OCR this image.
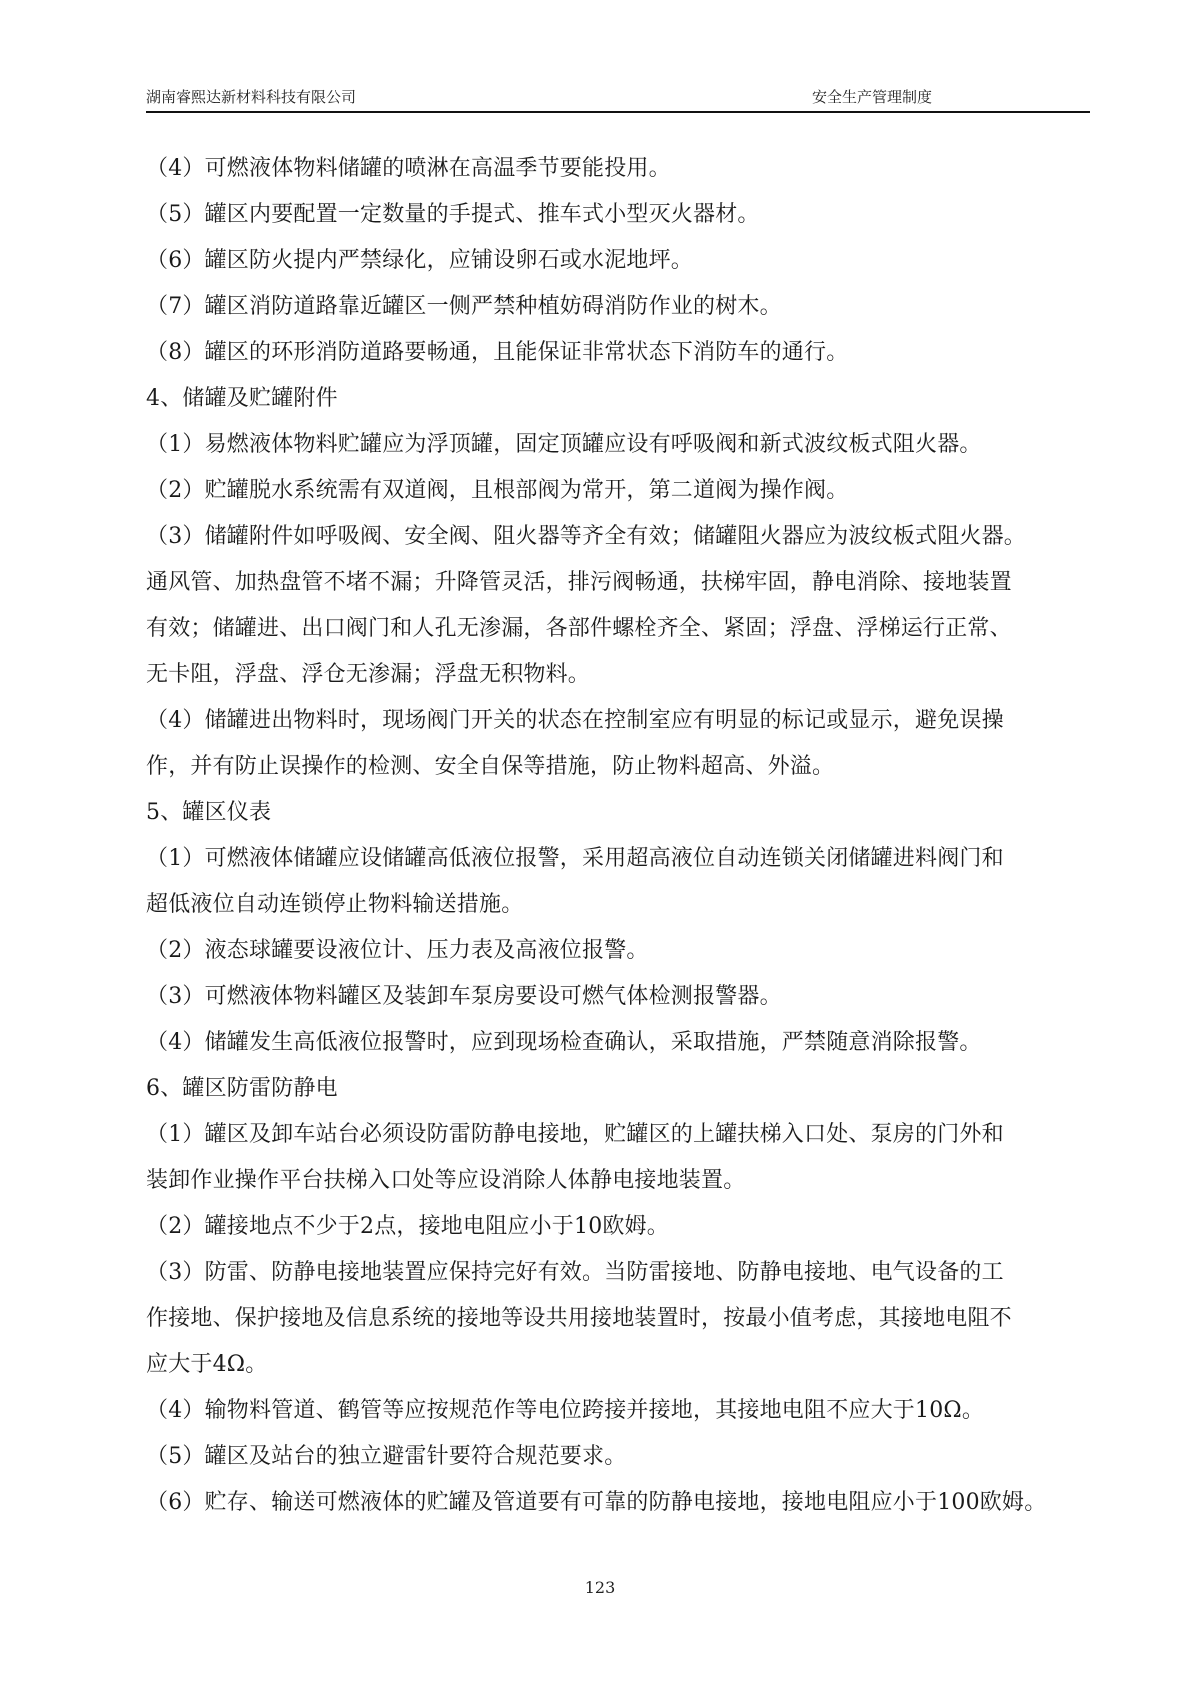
湖南睿熙达新材料科技有限公司	安全生产管理制度
（4）可燃液体物料储罐的喷淋在高温季节要能投用。
（5）罐区内要配置一定数量的手提式、推车式小型灭火器材。
（6）罐区防火提内严禁绿化，应铺设卵石或水泥地坪。
（7）罐区消防道路靠近罐区一侧严禁种植妨碍消防作业的树木。
（8）罐区的环形消防道路要畅通，且能保证非常状态下消防车的通行。
4、储罐及贮罐附件
（1）易燃液体物料贮罐应为浮顶罐，固定顶罐应设有呼吸阀和新式波纹板式阻火器。
（2）贮罐脱水系统需有双道阀，且根部阀为常开，第二道阀为操作阀。
（3）储罐附件如呼吸阀、安全阀、阻火器等齐全有效；储罐阻火器应为波纹板式阻火器。
通风管、加热盘管不堵不漏；升降管灵活，排污阀畅通，扶梯牢固，静电消除、接地装置
有效；储罐进、出口阀门和人孔无渗漏，各部件螺栓齐全、紧固；浮盘、浮梯运行正常、
无卡阻，浮盘、浮仓无渗漏；浮盘无积物料。
（4）储罐进出物料时，现场阀门开关的状态在控制室应有明显的标记或显示，避免误操
作，并有防止误操作的检测、安全自保等措施，防止物料超高、外溢。
5、罐区仪表
（1）可燃液体储罐应设储罐高低液位报警，采用超高液位自动连锁关闭储罐进料阀门和
超低液位自动连锁停止物料输送措施。
（2）液态球罐要设液位计、压力表及高液位报警。
（3）可燃液体物料罐区及装卸车泵房要设可燃气体检测报警器。
（4）储罐发生高低液位报警时，应到现场检查确认，采取措施，严禁随意消除报警。
6、罐区防雷防静电
（1）罐区及卸车站台必须设防雷防静电接地，贮罐区的上罐扶梯入口处、泵房的门外和
装卸作业操作平台扶梯入口处等应设消除人体静电接地装置。
（2）罐接地点不少于2点，接地电阻应小于10欧姆。
（3）防雷、防静电接地装置应保持完好有效。当防雷接地、防静电接地、电气设备的工
作接地、保护接地及信息系统的接地等设共用接地装置时，按最小值考虑，其接地电阻不
应大于4Ω。
（4）输物料管道、鹤管等应按规范作等电位跨接并接地，其接地电阻不应大于10Ω。
（5）罐区及站台的独立避雷针要符合规范要求。
（6）贮存、输送可燃液体的贮罐及管道要有可靠的防静电接地，接地电阻应小于100欧姆。
123
